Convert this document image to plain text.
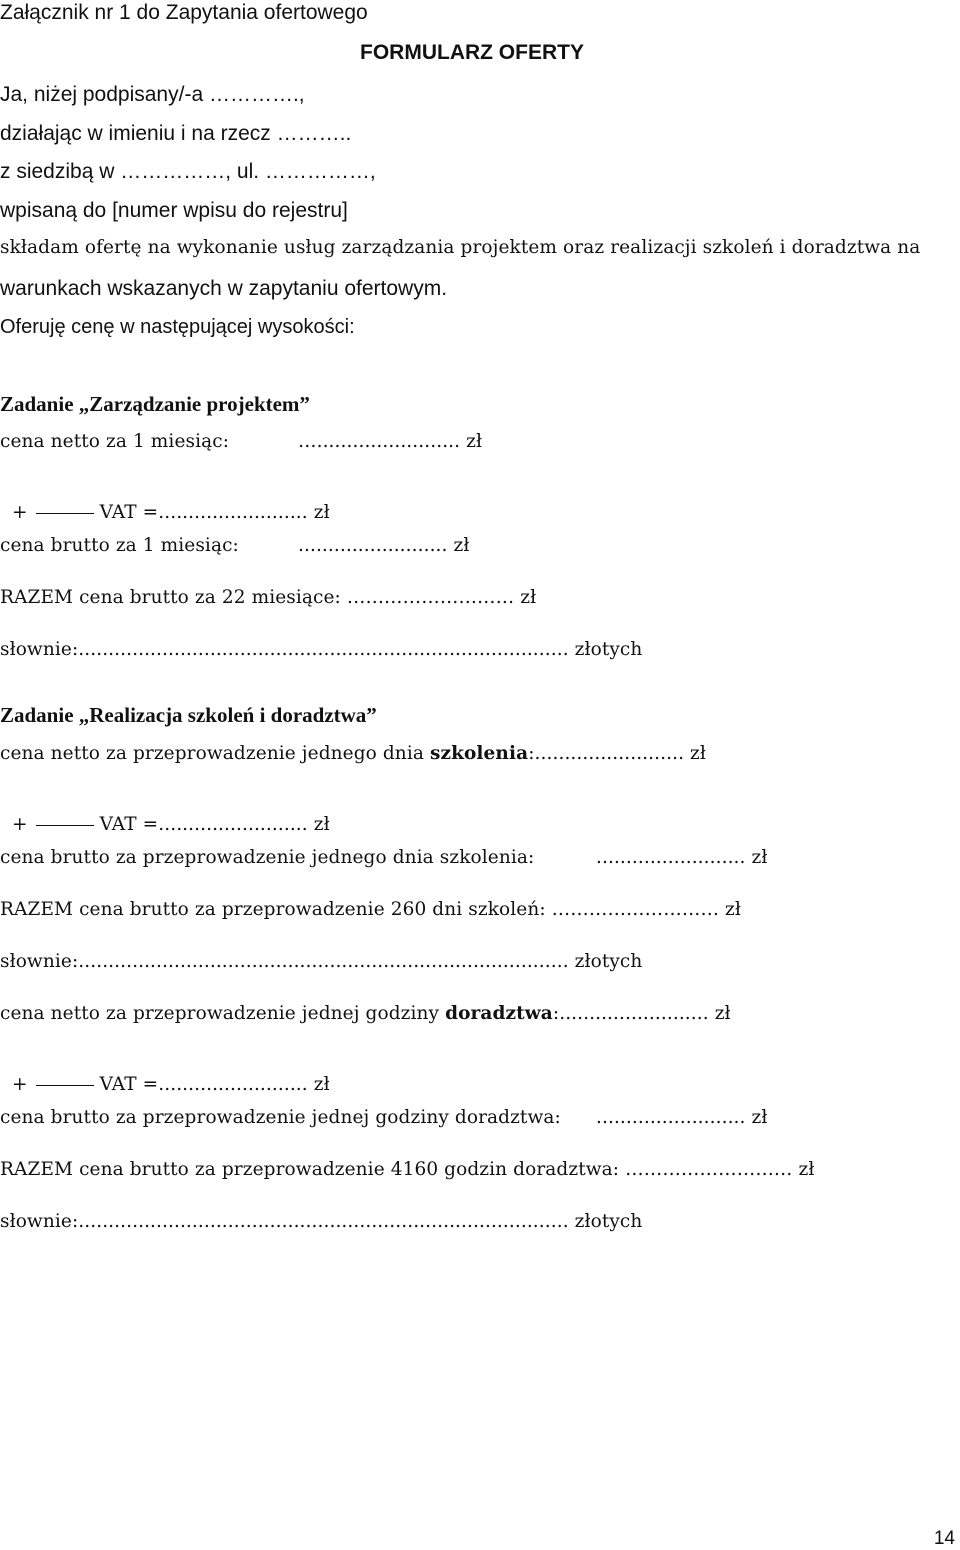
Załącznik nr 1 do Zapytania ofertowego
FORMULARZ OFERTY
Ja, niżej podpisany/-a ………….,
działając w imieniu i na rzecz ………..
z siedzibą w ……………, ul. ……………,
wpisaną do [numer wpisu do rejestru]
składam ofertę na wykonanie usług zarządzania projektem oraz realizacji szkoleń i doradztwa na
warunkach wskazanych w zapytaniu ofertowym.
Oferuję cenę w następującej wysokości:
Zadanie „Zarządzanie projektem”
cena netto za 1 miesiąc:	…........................ zł

+	VAT =......................... zł

cena brutto za 1 miesiąc:	......................... zł
RAZEM cena brutto za 22 miesiące: ……………………… zł
słownie:.................................................................................. złotych
Zadanie „Realizacja szkoleń i doradztwa”
cena netto za przeprowadzenie jednego dnia szkolenia:......................... zł

+	VAT =......................... zł

cena brutto za przeprowadzenie jednego dnia szkolenia:	......................... zł
RAZEM cena brutto za przeprowadzenie 260 dni szkoleń: ……………………… zł
słownie:.................................................................................. złotych
cena netto za przeprowadzenie jednej godziny doradztwa:......................... zł

+	VAT =......................... zł

cena brutto za przeprowadzenie jednej godziny doradztwa: ......................... zł
RAZEM cena brutto za przeprowadzenie 4160 godzin doradztwa: ……………………… zł
słownie:.................................................................................. złotych
14
